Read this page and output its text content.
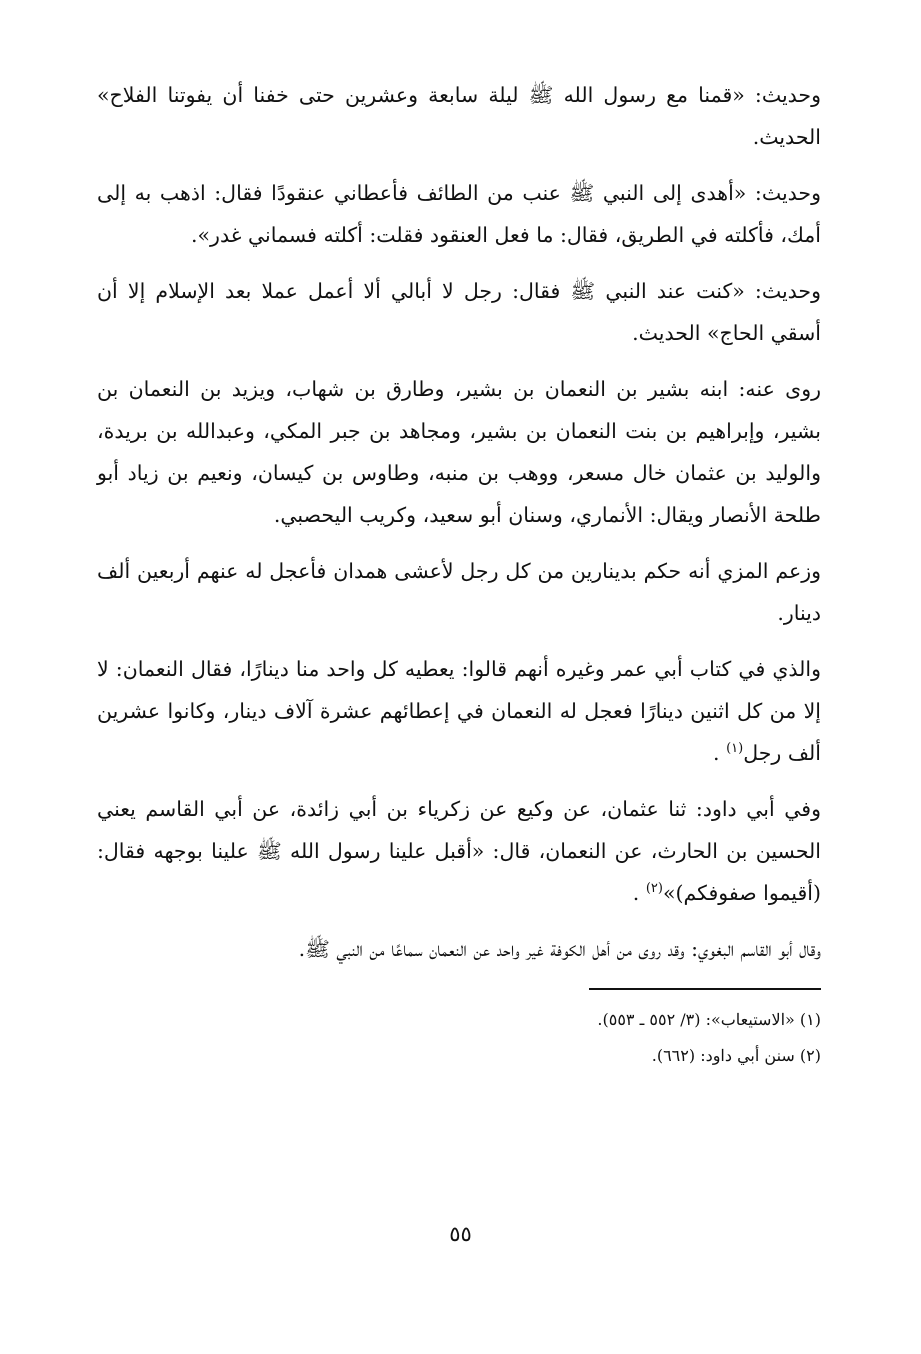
وحديث: «قمنا مع رسول الله ﷺ ليلة سابعة وعشرين حتى خفنا أن يفوتنا الفلاح» الحديث.

وحديث: «أهدى إلى النبي ﷺ عنب من الطائف فأعطاني عنقودًا فقال: اذهب به إلى أمك، فأكلته في الطريق، فقال: ما فعل العنقود فقلت: أكلته فسماني غدر».

وحديث: «كنت عند النبي ﷺ فقال: رجل لا أبالي ألا أعمل عملا بعد الإسلام إلا أن أسقي الحاج» الحديث.

روى عنه: ابنه بشير بن النعمان بن بشير، وطارق بن شهاب، ويزيد بن النعمان بن بشير، وإبراهيم بن بنت النعمان بن بشير، ومجاهد بن جبر المكي، وعبدالله بن بريدة، والوليد بن عثمان خال مسعر، ووهب بن منبه، وطاوس بن كيسان، ونعيم بن زياد أبو طلحة الأنصار ويقال: الأنماري، وسنان أبو سعيد، وكريب اليحصبي.

وزعم المزي أنه حكم بدينارين من كل رجل لأعشى همدان فأعجل له عنهم أربعين ألف دينار.

والذي في كتاب أبي عمر وغيره أنهم قالوا: يعطيه كل واحد منا دينارًا، فقال النعمان: لا إلا من كل اثنين دينارًا فعجل له النعمان في إعطائهم عشرة آلاف دينار، وكانوا عشرين ألف رجل$^{(١)}$ .

وفي أبي داود: ثنا عثمان، عن وكيع عن زكرياء بن أبي زائدة، عن أبي القاسم يعني الحسين بن الحارث، عن النعمان، قال: «أقبل علينا رسول الله ﷺ علينا بوجهه فقال: (أقيموا صفوفكم)»$^{(٢)}$ .

وقال أبو القاسم البغوي: وقد روى من أهل الكوفة غير واحد عن النعمان سماعًا من النبي ﷺ.

(١) «الاستيعاب»: (٣/ ٥٥٢ ـ ٥٥٣).

(٢) سنن أبي داود: (٦٦٢).

٥٥
